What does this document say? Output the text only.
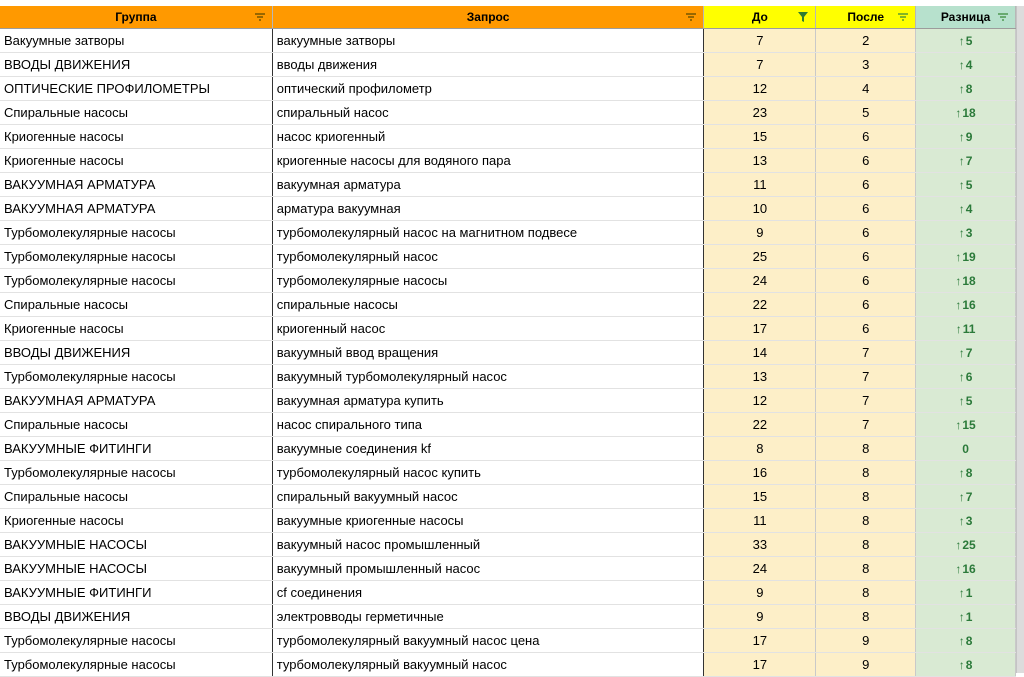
Группа	Запрос	До	После	Разница

Вакуумные затворы	вакуумные затворы	7	2	↑5
ВВОДЫ ДВИЖЕНИЯ	вводы движения	7	3	↑4
ОПТИЧЕСКИЕ ПРОФИЛОМЕТРЫ	оптический профилометр	12	4	↑8
Спиральные насосы	спиральный насос	23	5	↑18
Криогенные насосы	насос криогенный	15	6	↑9
Криогенные насосы	криогенные насосы для водяного пара	13	6	↑7
ВАКУУМНАЯ АРМАТУРА	вакуумная арматура	11	6	↑5
ВАКУУМНАЯ АРМАТУРА	арматура вакуумная	10	6	↑4
Турбомолекулярные насосы	турбомолекулярный насос на магнитном подвесе	9	6	↑3
Турбомолекулярные насосы	турбомолекулярный насос	25	6	↑19
Турбомолекулярные насосы	турбомолекулярные насосы	24	6	↑18
Спиральные насосы	спиральные насосы	22	6	↑16
Криогенные насосы	криогенный насос	17	6	↑11
ВВОДЫ ДВИЖЕНИЯ	вакуумный ввод вращения	14	7	↑7
Турбомолекулярные насосы	вакуумный турбомолекулярный насос	13	7	↑6
ВАКУУМНАЯ АРМАТУРА	вакуумная арматура купить	12	7	↑5
Спиральные насосы	насос спирального типа	22	7	↑15
ВАКУУМНЫЕ ФИТИНГИ	вакуумные соединения kf	8	8	0
Турбомолекулярные насосы	турбомолекулярный насос купить	16	8	↑8
Спиральные насосы	спиральный вакуумный насос	15	8	↑7
Криогенные насосы	вакуумные криогенные насосы	11	8	↑3
ВАКУУМНЫЕ НАСОСЫ	вакуумный насос промышленный	33	8	↑25
ВАКУУМНЫЕ НАСОСЫ	вакуумный промышленный насос	24	8	↑16
ВАКУУМНЫЕ ФИТИНГИ	cf соединения	9	8	↑1
ВВОДЫ ДВИЖЕНИЯ	электровводы герметичные	9	8	↑1
Турбомолекулярные насосы	турбомолекулярный вакуумный насос цена	17	9	↑8
Турбомолекулярные насосы	турбомолекулярный вакуумный насос	17	9	↑8
